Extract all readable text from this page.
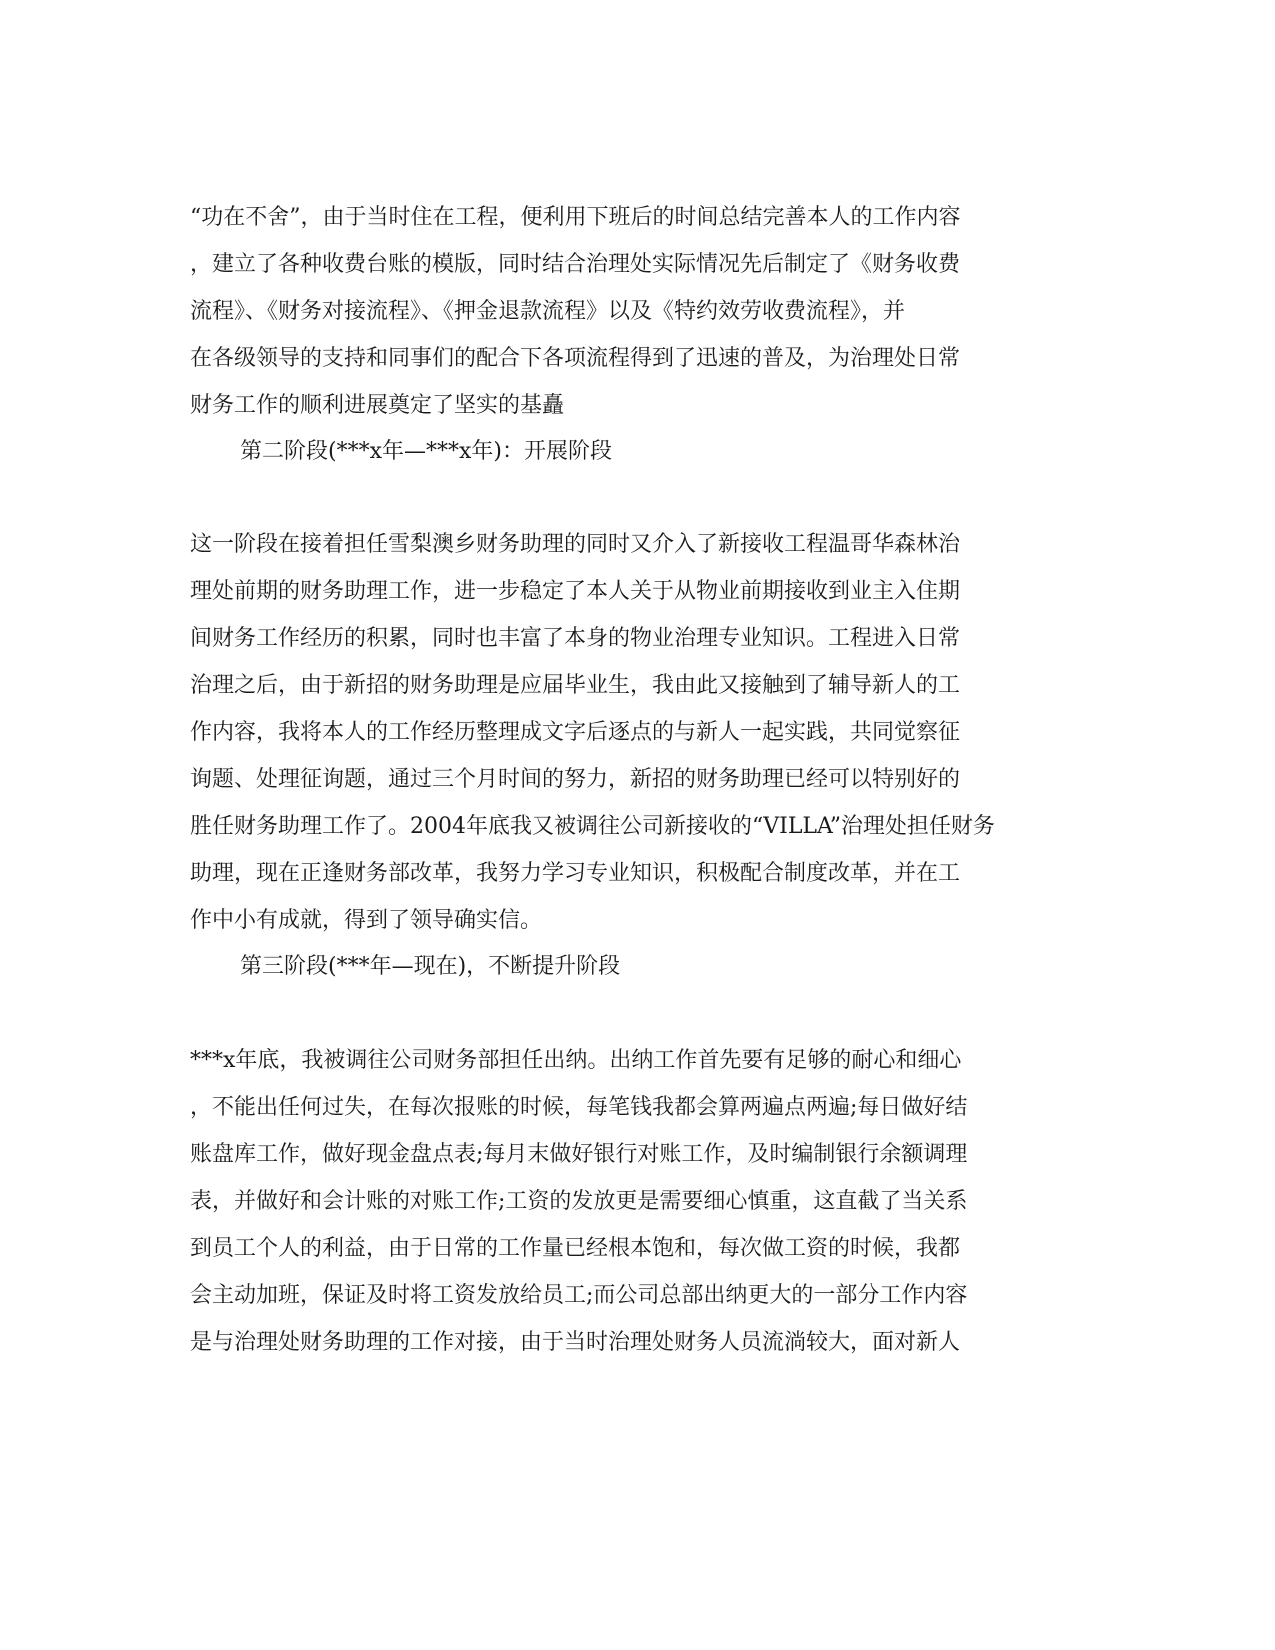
“功在不舍”，由于当时住在工程，便利用下班后的时间总结完善本人的工作内容
，建立了各种收费台账的模版，同时结合治理处实际情况先后制定了《财务收费
流程》、《财务对接流程》、《押金退款流程》以及《特约效劳收费流程》，并
在各级领导的支持和同事们的配合下各项流程得到了迅速的普及，为治理处日常
财务工作的顺利进展奠定了坚实的基矗
第二阶段(***x年—***x年)：开展阶段
这一阶段在接着担任雪梨澳乡财务助理的同时又介入了新接收工程温哥华森林治
理处前期的财务助理工作，进一步稳定了本人关于从物业前期接收到业主入住期
间财务工作经历的积累，同时也丰富了本身的物业治理专业知识。工程进入日常
治理之后，由于新招的财务助理是应届毕业生，我由此又接触到了辅导新人的工
作内容，我将本人的工作经历整理成文字后逐点的与新人一起实践，共同觉察征
询题、处理征询题，通过三个月时间的努力，新招的财务助理已经可以特别好的
胜任财务助理工作了。2004年底我又被调往公司新接收的“VILLA”治理处担任财务
助理，现在正逢财务部改革，我努力学习专业知识，积极配合制度改革，并在工
作中小有成就，得到了领导确实信。
第三阶段(***年—现在)，不断提升阶段
***x年底，我被调往公司财务部担任出纳。出纳工作首先要有足够的耐心和细心
，不能出任何过失，在每次报账的时候，每笔钱我都会算两遍点两遍;每日做好结
账盘库工作，做好现金盘点表;每月末做好银行对账工作，及时编制银行余额调理
表，并做好和会计账的对账工作;工资的发放更是需要细心慎重，这直截了当关系
到员工个人的利益，由于日常的工作量已经根本饱和，每次做工资的时候，我都
会主动加班，保证及时将工资发放给员工;而公司总部出纳更大的一部分工作内容
是与治理处财务助理的工作对接，由于当时治理处财务人员流淌较大，面对新人
